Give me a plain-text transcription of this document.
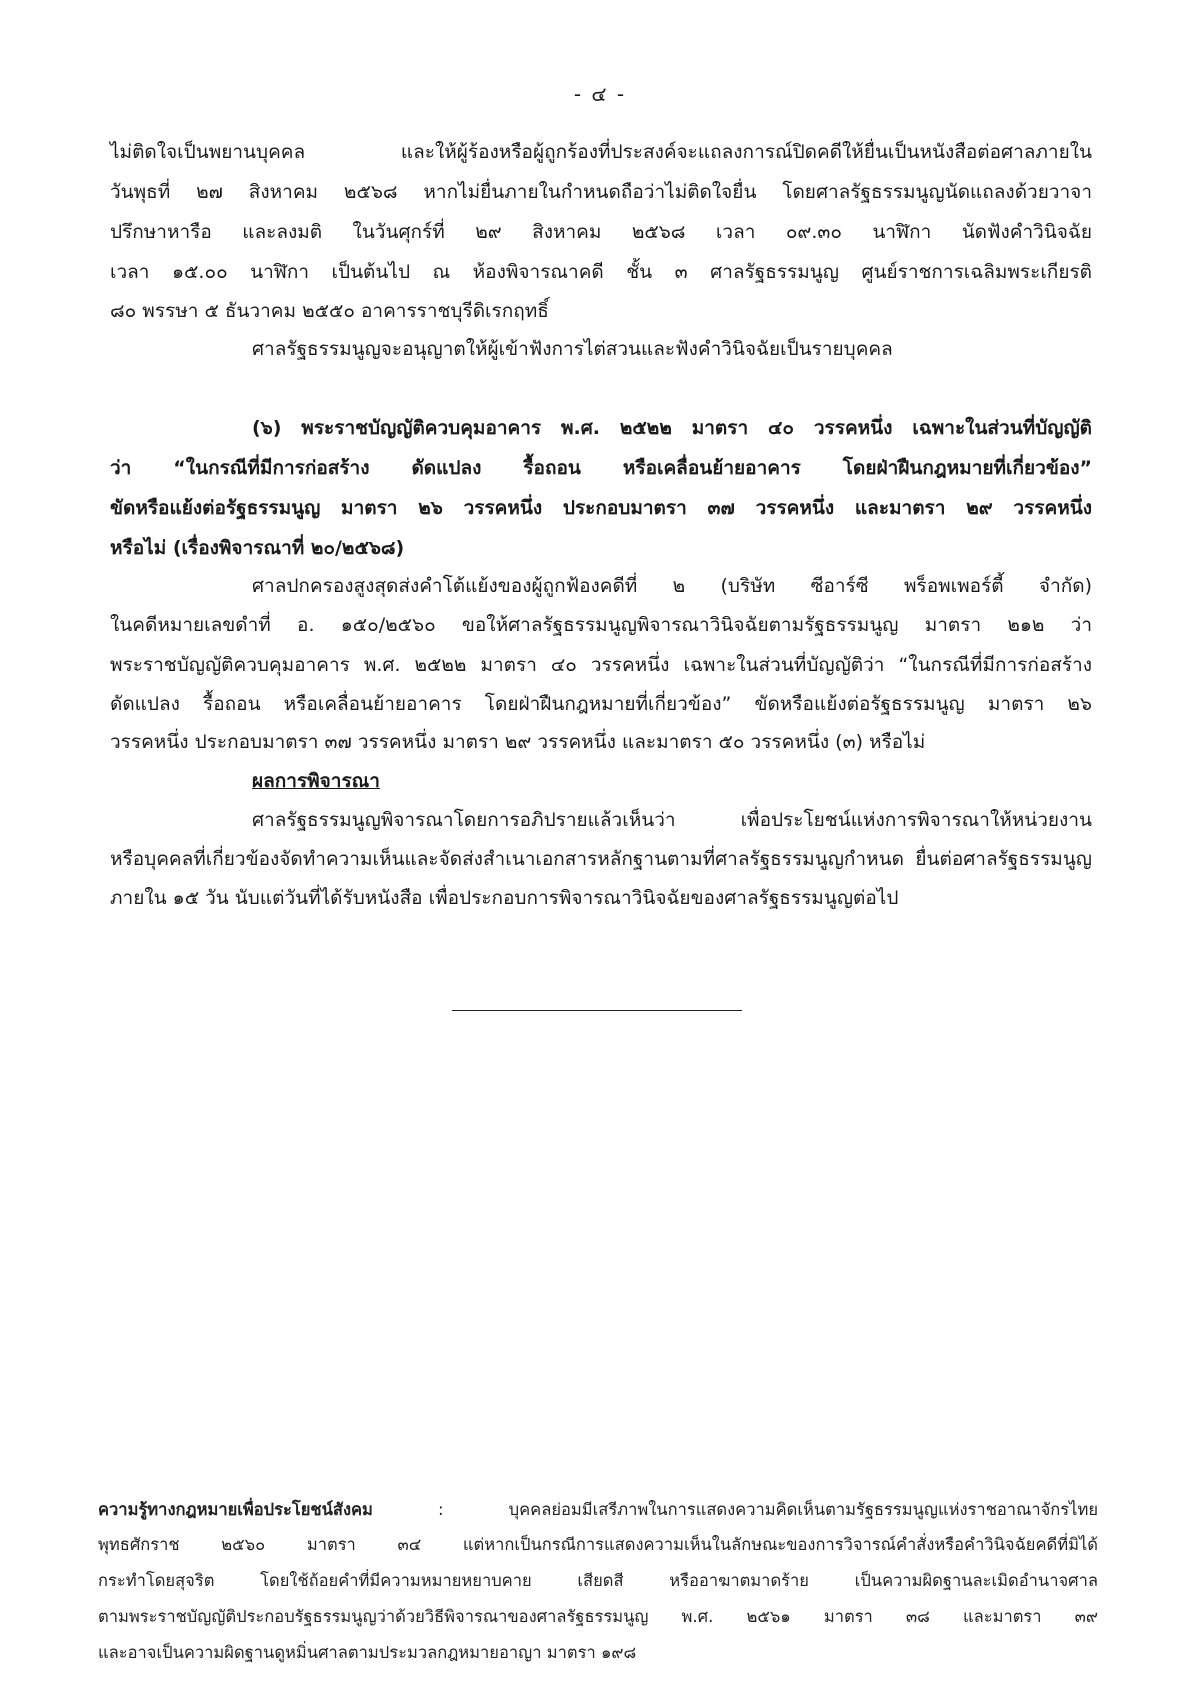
- ๔ -
ไม่ติดใจเป็นพยานบุคคล และให้ผู้ร้องหรือผู้ถูกร้องที่ประสงค์จะแถลงการณ์ปิดคดีให้ยื่นเป็นหนังสือต่อศาลภายใน
วันพุธที่ ๒๗ สิงหาคม ๒๕๖๘ หากไม่ยื่นภายในกำหนดถือว่าไม่ติดใจยื่น โดยศาลรัฐธรรมนูญนัดแถลงด้วยวาจา
ปรึกษาหารือ และลงมติ ในวันศุกร์ที่ ๒๙ สิงหาคม ๒๕๖๘ เวลา ๐๙.๓๐ นาฬิกา นัดฟังคำวินิจฉัย
เวลา ๑๕.๐๐ นาฬิกา เป็นต้นไป ณ ห้องพิจารณาคดี ชั้น ๓ ศาลรัฐธรรมนูญ ศูนย์ราชการเฉลิมพระเกียรติ
๘๐ พรรษา ๕ ธันวาคม ๒๕๕๐ อาคารราชบุรีดิเรกฤทธิ์
ศาลรัฐธรรมนูญจะอนุญาตให้ผู้เข้าฟังการไต่สวนและฟังคำวินิจฉัยเป็นรายบุคคล
(๖) พระราชบัญญัติควบคุมอาคาร พ.ศ. ๒๕๒๒ มาตรา ๔๐ วรรคหนึ่ง เฉพาะในส่วนที่บัญญัติ
ว่า “ในกรณีที่มีการก่อสร้าง ดัดแปลง รื้อถอน หรือเคลื่อนย้ายอาคาร โดยฝ่าฝืนกฎหมายที่เกี่ยวข้อง”
ขัดหรือแย้งต่อรัฐธรรมนูญ มาตรา ๒๖ วรรคหนึ่ง ประกอบมาตรา ๓๗ วรรคหนึ่ง และมาตรา ๒๙ วรรคหนึ่ง
หรือไม่ (เรื่องพิจารณาที่ ๒๐/๒๕๖๘)
ศาลปกครองสูงสุดส่งคำโต้แย้งของผู้ถูกฟ้องคดีที่ ๒ (บริษัท ซีอาร์ซี พร็อพเพอร์ตี้ จำกัด)
ในคดีหมายเลขดำที่ อ. ๑๕๐/๒๕๖๐ ขอให้ศาลรัฐธรรมนูญพิจารณาวินิจฉัยตามรัฐธรรมนูญ มาตรา ๒๑๒ ว่า
พระราชบัญญัติควบคุมอาคาร พ.ศ. ๒๕๒๒ มาตรา ๔๐ วรรคหนึ่ง เฉพาะในส่วนที่บัญญัติว่า “ในกรณีที่มีการก่อสร้าง
ดัดแปลง รื้อถอน หรือเคลื่อนย้ายอาคาร โดยฝ่าฝืนกฎหมายที่เกี่ยวข้อง” ขัดหรือแย้งต่อรัฐธรรมนูญ มาตรา ๒๖
วรรคหนึ่ง ประกอบมาตรา ๓๗ วรรคหนึ่ง มาตรา ๒๙ วรรคหนึ่ง และมาตรา ๕๐ วรรคหนึ่ง (๓) หรือไม่
ผลการพิจารณา
ศาลรัฐธรรมนูญพิจารณาโดยการอภิปรายแล้วเห็นว่า เพื่อประโยชน์แห่งการพิจารณาให้หน่วยงาน
หรือบุคคลที่เกี่ยวข้องจัดทำความเห็นและจัดส่งสำเนาเอกสารหลักฐานตามที่ศาลรัฐธรรมนูญกำหนด ยื่นต่อศาลรัฐธรรมนูญ
ภายใน ๑๕ วัน นับแต่วันที่ได้รับหนังสือ เพื่อประกอบการพิจารณาวินิจฉัยของศาลรัฐธรรมนูญต่อไป
ความรู้ทางกฎหมายเพื่อประโยชน์สังคม	:	บุคคลย่อมมีเสรีภาพในการแสดงความคิดเห็นตามรัฐธรรมนูญแห่งราชอาณาจักรไทย
พุทธศักราช ๒๕๖๐ มาตรา ๓๔ แต่หากเป็นกรณีการแสดงความเห็นในลักษณะของการวิจารณ์คำสั่งหรือคำวินิจฉัยคดีที่มิได้
กระทำโดยสุจริต โดยใช้ถ้อยคำที่มีความหมายหยาบคาย เสียดสี หรืออาฆาตมาดร้าย เป็นความผิดฐานละเมิดอำนาจศาล
ตามพระราชบัญญัติประกอบรัฐธรรมนูญว่าด้วยวิธีพิจารณาของศาลรัฐธรรมนูญ พ.ศ. ๒๕๖๑ มาตรา ๓๘ และมาตรา ๓๙
และอาจเป็นความผิดฐานดูหมิ่นศาลตามประมวลกฎหมายอาญา มาตรา ๑๙๘
